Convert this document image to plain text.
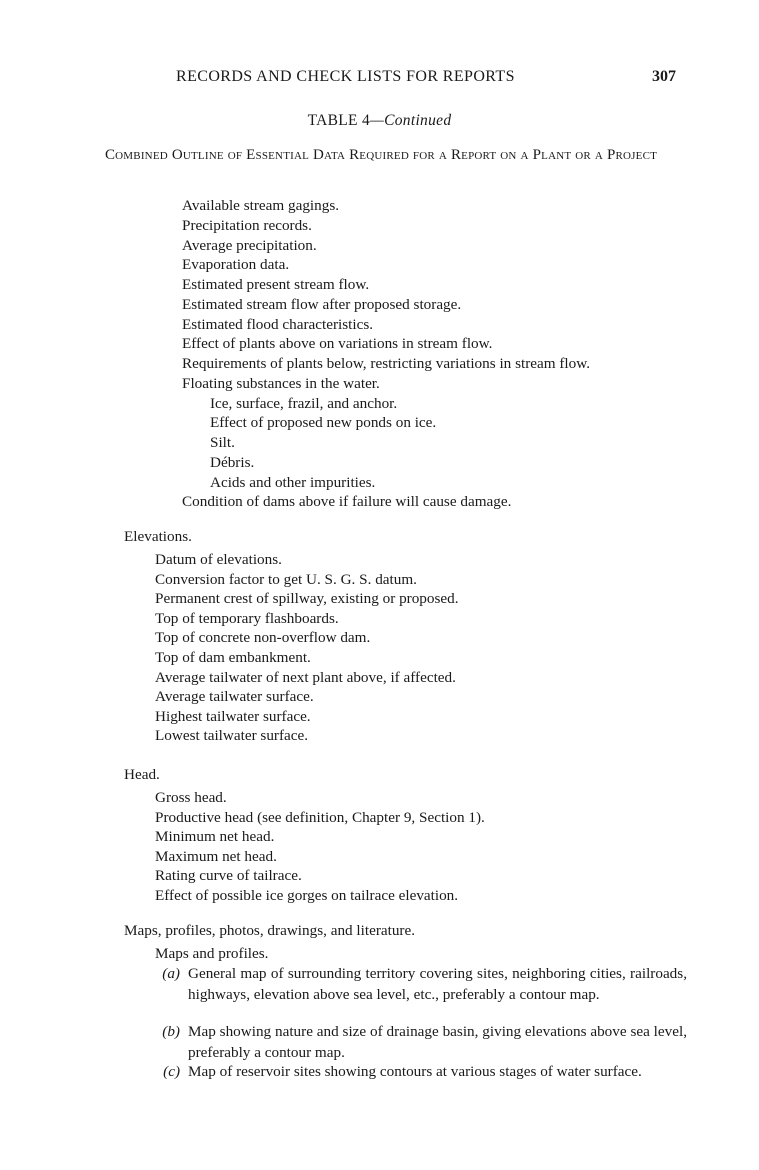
RECORDS AND CHECK LISTS FOR REPORTS	307
TABLE 4—Continued
Combined Outline of Essential Data Required for a Report on a Plant or a Project
Available stream gagings.
Precipitation records.
Average precipitation.
Evaporation data.
Estimated present stream flow.
Estimated stream flow after proposed storage.
Estimated flood characteristics.
Effect of plants above on variations in stream flow.
Requirements of plants below, restricting variations in stream flow.
Floating substances in the water.
Ice, surface, frazil, and anchor.
Effect of proposed new ponds on ice.
Silt.
Débris.
Acids and other impurities.
Condition of dams above if failure will cause damage.
Elevations.
Datum of elevations.
Conversion factor to get U. S. G. S. datum.
Permanent crest of spillway, existing or proposed.
Top of temporary flashboards.
Top of concrete non-overflow dam.
Top of dam embankment.
Average tailwater of next plant above, if affected.
Average tailwater surface.
Highest tailwater surface.
Lowest tailwater surface.
Head.
Gross head.
Productive head (see definition, Chapter 9, Section 1).
Minimum net head.
Maximum net head.
Rating curve of tailrace.
Effect of possible ice gorges on tailrace elevation.
Maps, profiles, photos, drawings, and literature.
Maps and profiles.
(a) General map of surrounding territory covering sites, neighboring cities, railroads, highways, elevation above sea level, etc., preferably a contour map.
(b) Map showing nature and size of drainage basin, giving elevations above sea level, preferably a contour map.
(c) Map of reservoir sites showing contours at various stages of water surface.
